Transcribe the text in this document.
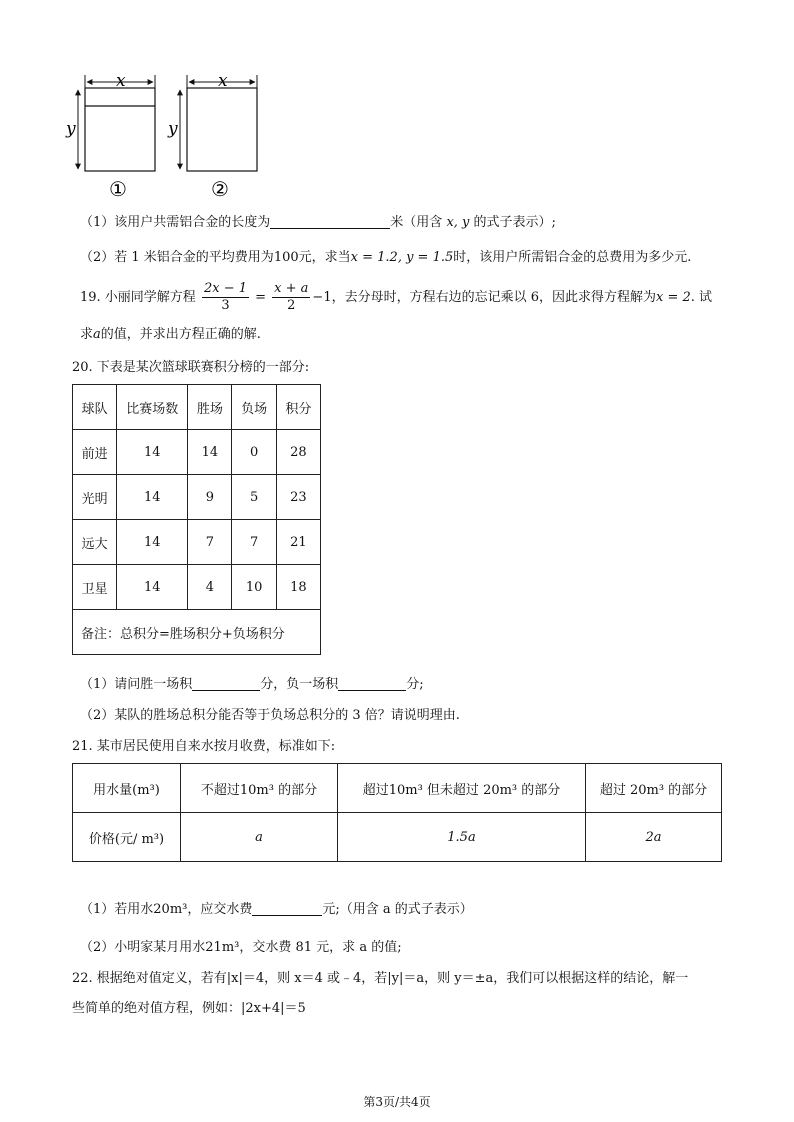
x
y
①
x
y
②
（1）该用户共需铝合金的长度为	米（用含 x, y 的式子表示）;
（2）若 1 米铝合金的平均费用为100元，求当x = 1.2, y = 1.5时，该用户所需铝合金的总费用为多少元.
19. 小丽同学解方程 $\frac{2x - 1}{3} = \frac{x + a}{2} -1$，去分母时，方程右边的忘记乘以 6，因此求得方程解为x = 2. 试
求a的值，并求出方程正确的解.
20. 下表是某次篮球联赛积分榜的一部分:
球队	比赛场数	胜场	负场	积分
前进	14	14	0	28
光明	14	9	5	23
远大	14	7	7	21
卫星	14	4	10	18
备注：总积分=胜场积分+负场积分				
（1）请问胜一场积	分，负一场积	分;
（2）某队的胜场总积分能否等于负场总积分的 3 倍？请说明理由.
21. 某市居民使用自来水按月收费，标准如下:
用水量(m³)	不超过10m³ 的部分	超过10m³ 但未超过 20m³ 的部分	超过 20m³ 的部分
价格(元/ m³)	a	1.5a	2a
（1）若用水20m³，应交水费	元;（用含 a 的式子表示）
（2）小明家某月用水21m³，交水费 81 元，求 a 的值;
22. 根据绝对值定义，若有|x|＝4，则 x＝4 或﹣4，若|y|＝a，则 y＝±a，我们可以根据这样的结论，解一
些简单的绝对值方程，例如：|2x+4|＝5
第3页/共4页
